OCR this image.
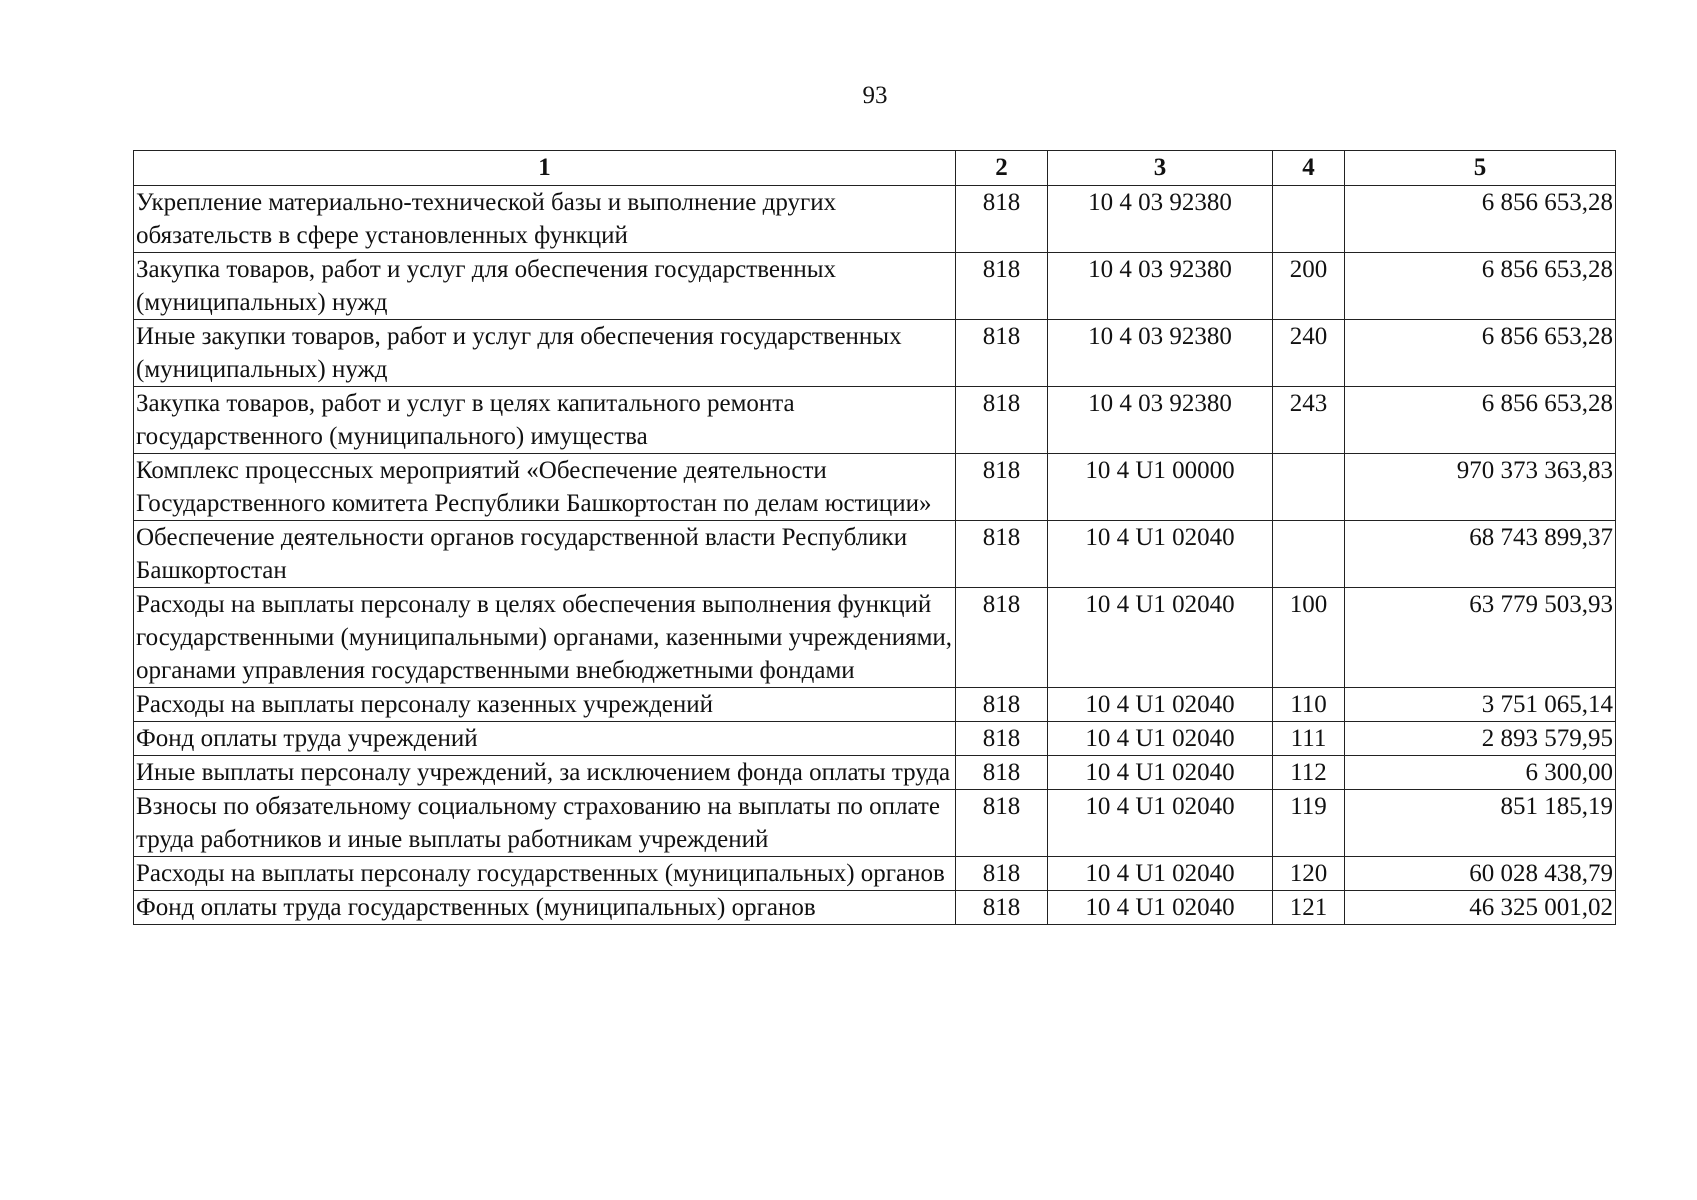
93
1	2	3	4	5
Укрепление материально-технической базы и выполнение других обязательств в сфере установленных функций	818	10 4 03 92380		6 856 653,28
Закупка товаров, работ и услуг для обеспечения государственных (муниципальных) нужд	818	10 4 03 92380	200	6 856 653,28
Иные закупки товаров, работ и услуг для обеспечения государственных (муниципальных) нужд	818	10 4 03 92380	240	6 856 653,28
Закупка товаров, работ и услуг в целях капитального ремонта государственного (муниципального) имущества	818	10 4 03 92380	243	6 856 653,28
Комплекс процессных мероприятий «Обеспечение деятельности Государственного комитета Республики Башкортостан по делам юстиции»	818	10 4 U1 00000		970 373 363,83
Обеспечение деятельности органов государственной власти Республики Башкортостан	818	10 4 U1 02040		68 743 899,37
Расходы на выплаты персоналу в целях обеспечения выполнения функций государственными (муниципальными) органами, казенными учреждениями, органами управления государственными внебюджетными фондами	818	10 4 U1 02040	100	63 779 503,93
Расходы на выплаты персоналу казенных учреждений	818	10 4 U1 02040	110	3 751 065,14
Фонд оплаты труда учреждений	818	10 4 U1 02040	111	2 893 579,95
Иные выплаты персоналу учреждений, за исключением фонда оплаты труда	818	10 4 U1 02040	112	6 300,00
Взносы по обязательному социальному страхованию на выплаты по оплате труда работников и иные выплаты работникам учреждений	818	10 4 U1 02040	119	851 185,19
Расходы на выплаты персоналу государственных (муниципальных) органов	818	10 4 U1 02040	120	60 028 438,79
Фонд оплаты труда государственных (муниципальных) органов	818	10 4 U1 02040	121	46 325 001,02
